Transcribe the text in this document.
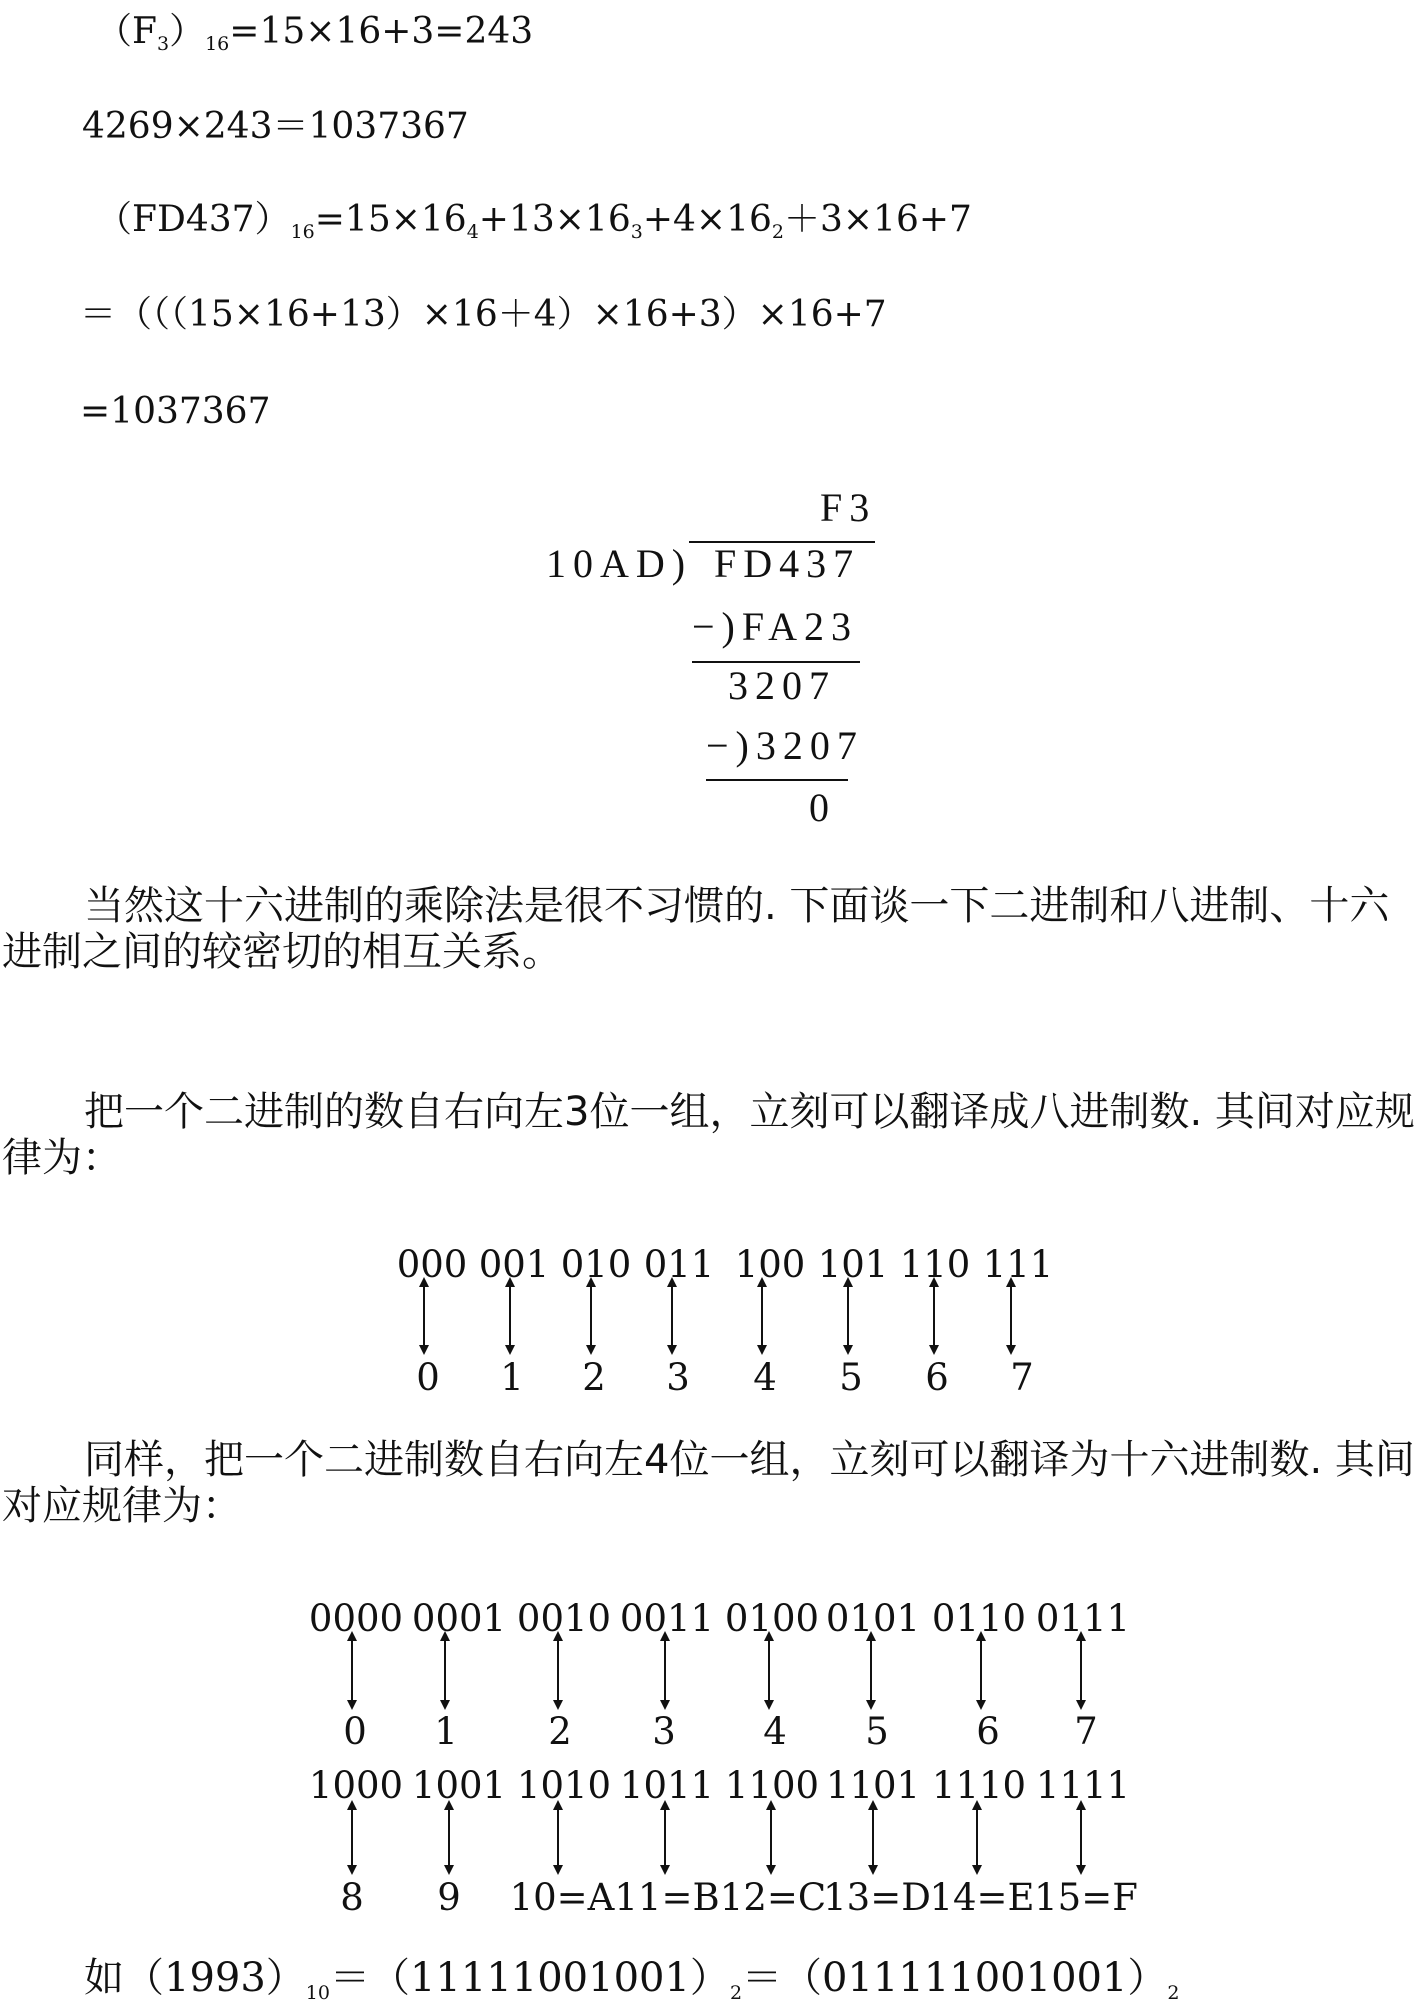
$(F_3)_{16}=15\times 16+3=243$
4269×243＝1037367
$(FD437)_{16}=15\times 16_4+13\times 16_3+4\times 16_2+3\times 16+7$
＝（（（15×16+13）×16＋4）×16+3）×16+7
=1037367
F3
10AD) FD437
−)FA23
3207
−)3207
0

当然这十六进制的乘除法是很不习惯的. 下面谈一下二进制和八进制、十六进制之间的较密切的相互关系。

把一个二进制的数自右向左3位一组，立刻可以翻译成八进制数. 其间对应规律为：

000 001 010 011 100 101 110 111
0 1 2 3 4 5 6 7

同样，把一个二进制数自右向左4位一组，立刻可以翻译为十六进制数. 其间对应规律为：

0000 0001 0010 0011 0100 0101 0110 0111
0 1 2 3 4 5 6 7
1000 1001 1010 1011 1100 1101 1110 1111
8 9 10=A 11=B 12=C
13=D
14=E 15=F
如$(1993)_{10}=(11111001001)_2=(011111001001)_2$
